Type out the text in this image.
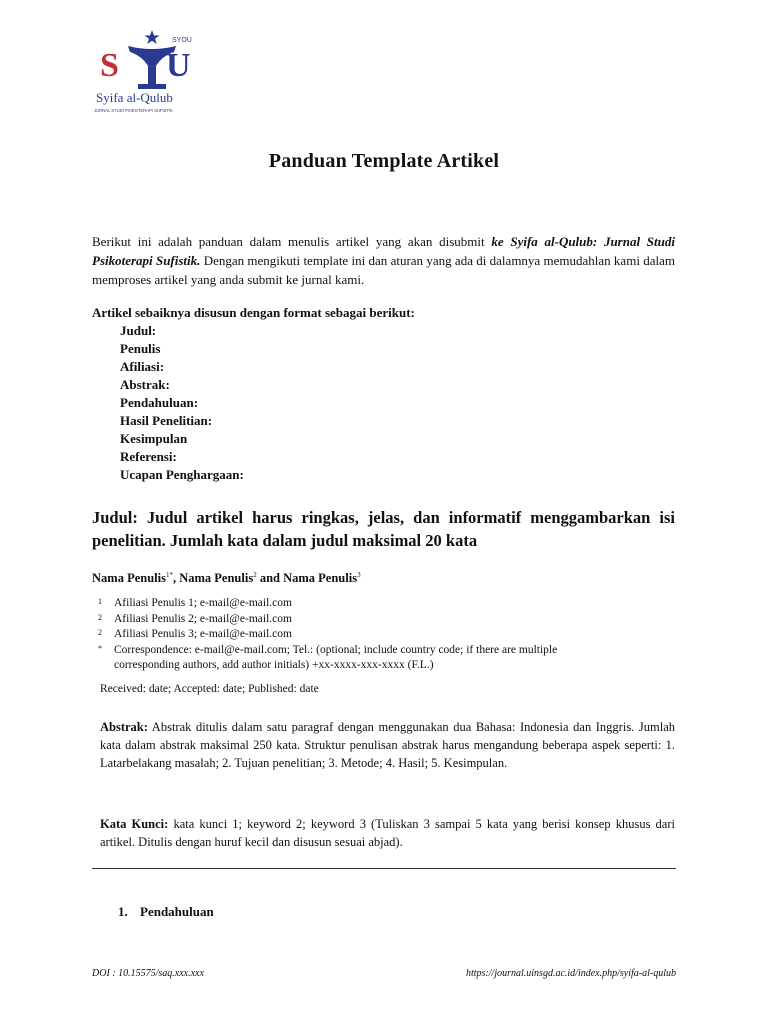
S U
SYOU
Syifa al-Qulub
JURNAL STUDI PSIKOTERAPI SUFISTIK
Panduan Template Artikel
Berikut ini adalah panduan dalam menulis artikel yang akan disubmit ke Syifa al-Qulub: Jurnal Studi Psikoterapi Sufistik. Dengan mengikuti template ini dan aturan yang ada di dalamnya memudahlan kami dalam memproses artikel yang anda submit ke jurnal kami.
Artikel sebaiknya disusun dengan format sebagai berikut:
Judul:
Penulis
Afiliasi:
Abstrak:
Pendahuluan:
Hasil Penelitian:
Kesimpulan
Referensi:
Ucapan Penghargaan:
Judul: Judul artikel harus ringkas, jelas, dan informatif menggambarkan isi penelitian. Jumlah kata dalam judul maksimal 20 kata
Nama Penulis$^{1*}$, Nama Penulis$^2$ and Nama Penulis$^3$
1	Afiliasi Penulis 1; e-mail@e-mail.com
2	Afiliasi Penulis 2; e-mail@e-mail.com
2	Afiliasi Penulis 3; e-mail@e-mail.com
*	Correspondence: e-mail@e-mail.com; Tel.: (optional; include country code; if there are multiple corresponding authors, add author initials) +xx-xxxx-xxx-xxxx (F.L.)
Received: date; Accepted: date; Published: date
Abstrak: Abstrak ditulis dalam satu paragraf dengan menggunakan dua Bahasa: Indonesia dan Inggris. Jumlah kata dalam abstrak maksimal 250 kata. Struktur penulisan abstrak harus mengandung beberapa aspek seperti: 1. Latarbelakang masalah; 2. Tujuan penelitian; 3. Metode; 4. Hasil; 5. Kesimpulan.
Kata Kunci: kata kunci 1; keyword 2; keyword 3 (Tuliskan 3 sampai 5 kata yang berisi konsep khusus dari artikel. Ditulis dengan huruf kecil dan disusun sesuai abjad).
1. Pendahuluan
DOI : 10.15575/saq.xxx.xxx	https://journal.uinsgd.ac.id/index.php/syifa-al-qulub
